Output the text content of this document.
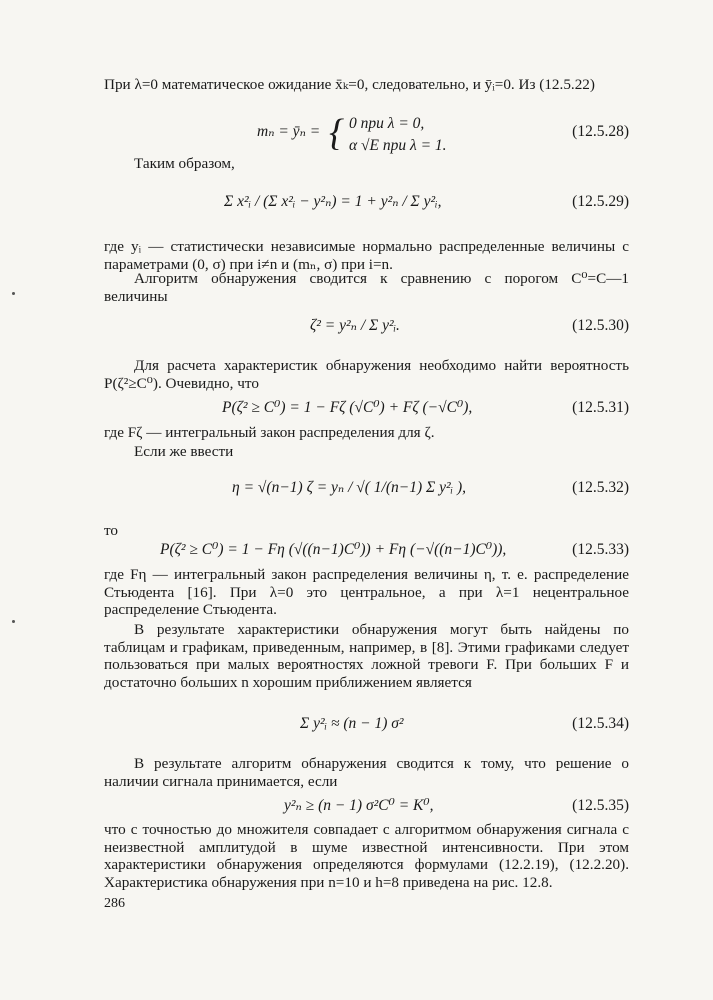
При λ=0 математическое ожидание x̄ₖ=0, следовательно, и ȳᵢ=0. Из (12.5.22)
mₙ = ȳₙ = { 0 при λ = 0,
α √E при λ = 1.
(12.5.28)
Таким образом,
Σ x²ᵢ / (Σ x²ᵢ − y²ₙ) = 1 + y²ₙ / Σ y²ᵢ,	(12.5.29)
где yᵢ — статистически независимые нормально распределенные величины с параметрами (0, σ) при i≠n и (mₙ, σ) при i=n.
Алгоритм обнаружения сводится к сравнению с порогом C⁰=C—1 величины
ζ² = y²ₙ / Σ y²ᵢ.	(12.5.30)
Для расчета характеристик обнаружения необходимо найти вероятность P(ζ²≥C⁰). Очевидно, что
P(ζ² ≥ C⁰) = 1 − Fζ (√C⁰) + Fζ (−√C⁰),	(12.5.31)
где Fζ — интегральный закон распределения для ζ.
Если же ввести
η = √(n−1) ζ = yₙ / √( 1/(n−1) Σ y²ᵢ ),	(12.5.32)
то
P(ζ² ≥ C⁰) = 1 − Fη (√((n−1)C⁰)) + Fη (−√((n−1)C⁰)),	(12.5.33)
где Fη — интегральный закон распределения величины η, т. е. распределение Стьюдента [16]. При λ=0 это центральное, а при λ=1 нецентральное распределение Стьюдента.
В результате характеристики обнаружения могут быть найдены по таблицам и графикам, приведенным, например, в [8]. Этими графиками следует пользоваться при малых вероятностях ложной тревоги F. При больших F и достаточно больших n хорошим приближением является
Σ y²ᵢ ≈ (n − 1) σ²	(12.5.34)
В результате алгоритм обнаружения сводится к тому, что решение о наличии сигнала принимается, если
y²ₙ ≥ (n − 1) σ²C⁰ = K⁰,	(12.5.35)
что с точностью до множителя совпадает с алгоритмом обнаружения сигнала с неизвестной амплитудой в шуме известной интенсивности. При этом характеристики обнаружения определяются формулами (12.2.19), (12.2.20). Характеристика обнаружения при n=10 и h=8 приведена на рис. 12.8.
286
